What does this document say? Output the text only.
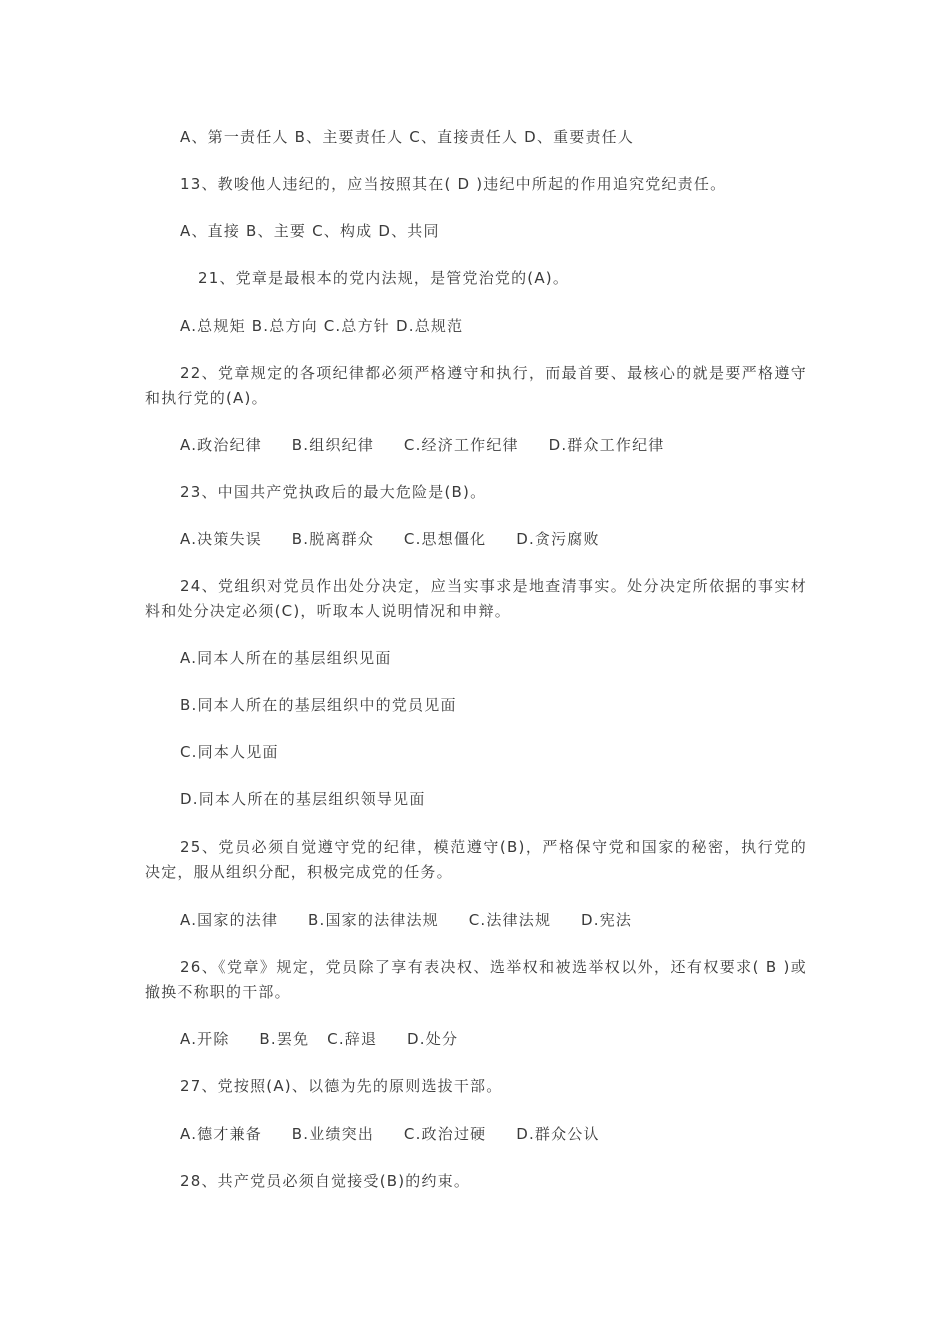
A、第一责任人 B、主要责任人 C、直接责任人 D、重要责任人
13、教唆他人违纪的，应当按照其在( D )违纪中所起的作用追究党纪责任。
A、直接 B、主要 C、构成 D、共同
21、党章是最根本的党内法规，是管党治党的(A)。
A.总规矩 B.总方向 C.总方针 D.总规范
22、党章规定的各项纪律都必须严格遵守和执行，而最首要、最核心的就是要严格遵守和执行党的(A)。
A.政治纪律     B.组织纪律     C.经济工作纪律     D.群众工作纪律
23、中国共产党执政后的最大危险是(B)。
A.决策失误     B.脱离群众     C.思想僵化     D.贪污腐败
24、党组织对党员作出处分决定，应当实事求是地查清事实。处分决定所依据的事实材料和处分决定必须(C)，听取本人说明情况和申辩。
A.同本人所在的基层组织见面
B.同本人所在的基层组织中的党员见面
C.同本人见面
D.同本人所在的基层组织领导见面
25、党员必须自觉遵守党的纪律，模范遵守(B)，严格保守党和国家的秘密，执行党的决定，服从组织分配，积极完成党的任务。
A.国家的法律     B.国家的法律法规     C.法律法规     D.宪法
26、《党章》规定，党员除了享有表决权、选举权和被选举权以外，还有权要求( B )或撤换不称职的干部。
A.开除     B.罢免   C.辞退     D.处分
27、党按照(A)、以德为先的原则选拔干部。
A.德才兼备     B.业绩突出     C.政治过硬     D.群众公认
28、共产党员必须自觉接受(B)的约束。
